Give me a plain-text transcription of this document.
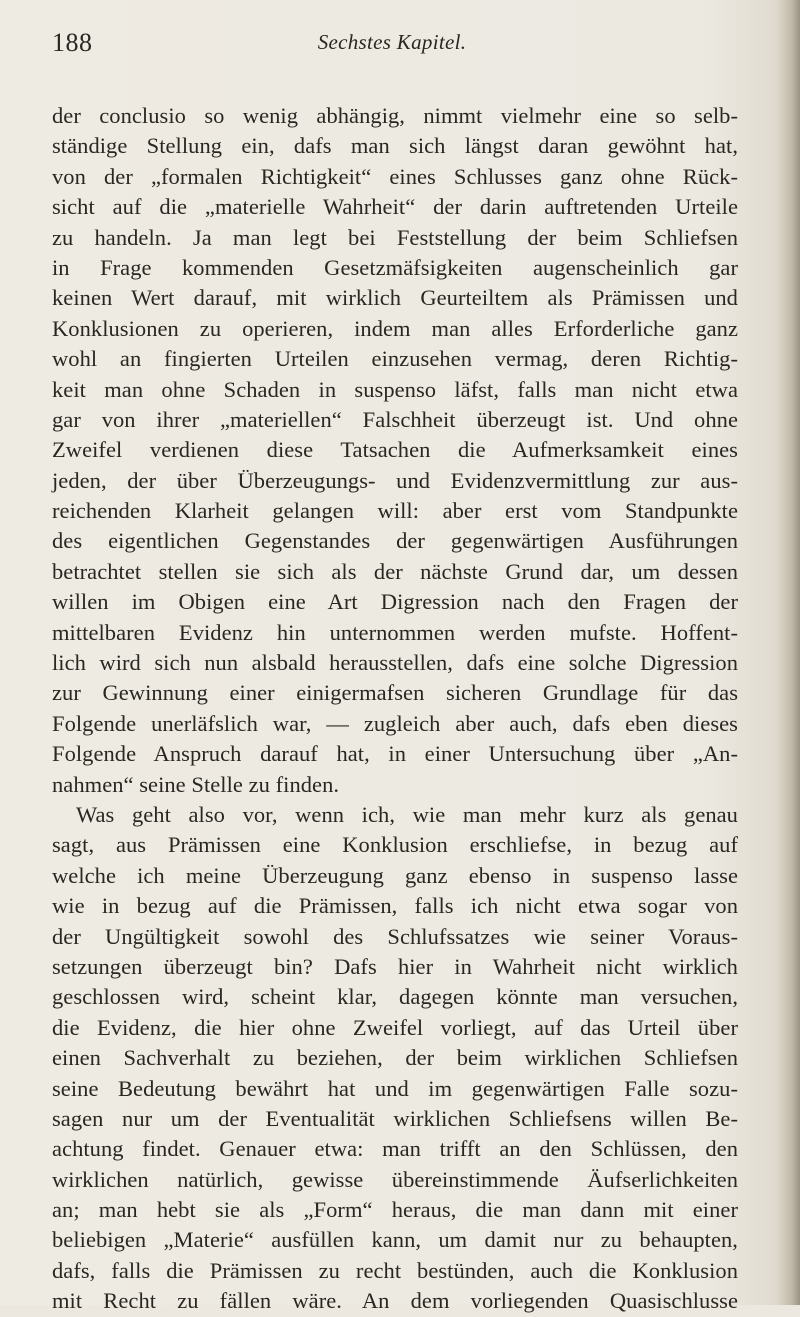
188	Sechstes Kapitel.
der conclusio so wenig abhängig, nimmt vielmehr eine so selb-
ständige Stellung ein, dafs man sich längst daran gewöhnt hat,
von der „formalen Richtigkeit“ eines Schlusses ganz ohne Rück-
sicht auf die „materielle Wahrheit“ der darin auftretenden Urteile
zu handeln. Ja man legt bei Feststellung der beim Schliefsen
in Frage kommenden Gesetzmäfsigkeiten augenscheinlich gar
keinen Wert darauf, mit wirklich Geurteiltem als Prämissen und
Konklusionen zu operieren, indem man alles Erforderliche ganz
wohl an fingierten Urteilen einzusehen vermag, deren Richtig-
keit man ohne Schaden in suspenso läfst, falls man nicht etwa
gar von ihrer „materiellen“ Falschheit überzeugt ist. Und ohne
Zweifel verdienen diese Tatsachen die Aufmerksamkeit eines
jeden, der über Überzeugungs- und Evidenzvermittlung zur aus-
reichenden Klarheit gelangen will: aber erst vom Standpunkte
des eigentlichen Gegenstandes der gegenwärtigen Ausführungen
betrachtet stellen sie sich als der nächste Grund dar, um dessen
willen im Obigen eine Art Digression nach den Fragen der
mittelbaren Evidenz hin unternommen werden mufste. Hoffent-
lich wird sich nun alsbald herausstellen, dafs eine solche Digression
zur Gewinnung einer einigermafsen sicheren Grundlage für das
Folgende unerläfslich war, — zugleich aber auch, dafs eben dieses
Folgende Anspruch darauf hat, in einer Untersuchung über „An-
nahmen“ seine Stelle zu finden.
Was geht also vor, wenn ich, wie man mehr kurz als genau
sagt, aus Prämissen eine Konklusion erschliefse, in bezug auf
welche ich meine Überzeugung ganz ebenso in suspenso lasse
wie in bezug auf die Prämissen, falls ich nicht etwa sogar von
der Ungültigkeit sowohl des Schlufssatzes wie seiner Voraus-
setzungen überzeugt bin? Dafs hier in Wahrheit nicht wirklich
geschlossen wird, scheint klar, dagegen könnte man versuchen,
die Evidenz, die hier ohne Zweifel vorliegt, auf das Urteil über
einen Sachverhalt zu beziehen, der beim wirklichen Schliefsen
seine Bedeutung bewährt hat und im gegenwärtigen Falle sozu-
sagen nur um der Eventualität wirklichen Schliefsens willen Be-
achtung findet. Genauer etwa: man trifft an den Schlüssen, den
wirklichen natürlich, gewisse übereinstimmende Äufserlichkeiten
an; man hebt sie als „Form“ heraus, die man dann mit einer
beliebigen „Materie“ ausfüllen kann, um damit nur zu behaupten,
dafs, falls die Prämissen zu recht bestünden, auch die Konklusion
mit Recht zu fällen wäre. An dem vorliegenden Quasischlusse
